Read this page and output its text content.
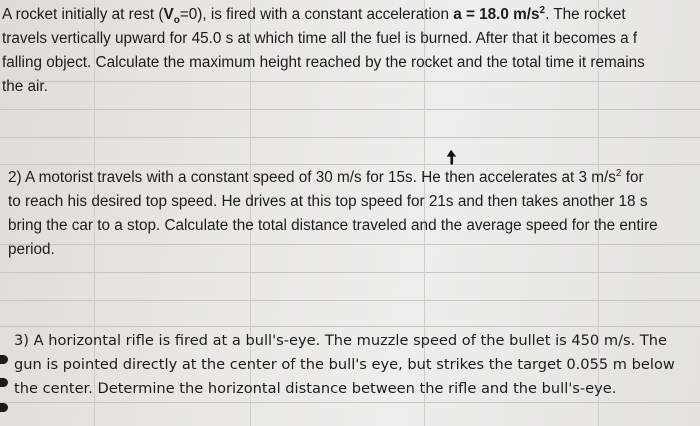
A rocket initially at rest $(V_o=0)$, is fired with a constant acceleration a = 18.0 $m/s^2$. The rocket
travels vertically upward for 45.0 s at which time all the fuel is burned. After that it becomes a f
falling object. Calculate the maximum height reached by the rocket and the total time it remains
the air.

2) A motorist travels with a constant speed of 30 m/s for 15s. He then accelerates at 3 $m/s^2$ for
to reach his desired top speed. He drives at this top speed for 21s and then takes another 18 s
bring the car to a stop. Calculate the total distance traveled and the average speed for the entire
period.

3) A horizontal rifle is fired at a bull's-eye. The muzzle speed of the bullet is 450 m/s. The
gun is pointed directly at the center of the bull's eye, but strikes the target 0.055 m below
the center. Determine the horizontal distance between the rifle and the bull's-eye.
